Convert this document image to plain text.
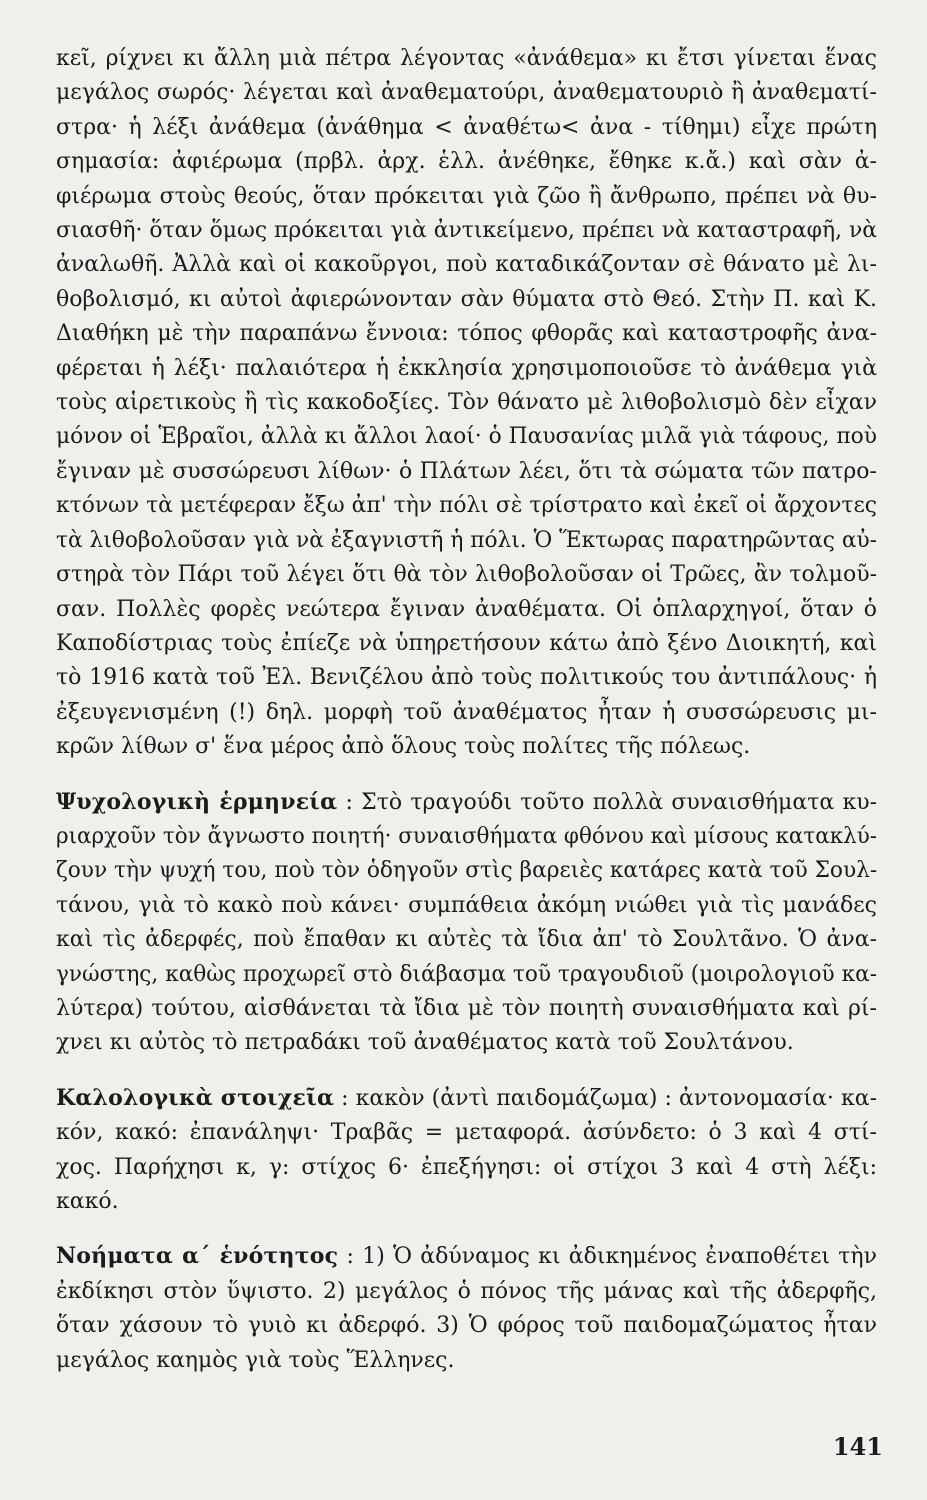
κεῖ, ρίχνει κι ἄλλη μιὰ πέτρα λέγοντας «ἀνάθεμα» κι ἔτσι γίνεται ἕνας
μεγάλος σωρός· λέγεται καὶ ἀναθεματούρι, ἀναθεματουριὸ ἢ ἀναθεματί-
στρα· ἡ λέξι ἀνάθεμα (ἀνάθημα < ἀναθέτω< ἀνα - τίθημι) εἶχε πρώτη
σημασία: ἀφιέρωμα (πρβλ. ἀρχ. ἑλλ. ἀνέθηκε, ἔθηκε κ.ἄ.) καὶ σὰν ἀ-
φιέρωμα στοὺς θεούς, ὅταν πρόκειται γιὰ ζῶο ἢ ἄνθρωπο, πρέπει νὰ θυ-
σιασθῆ· ὅταν ὅμως πρόκειται γιὰ ἀντικείμενο, πρέπει νὰ καταστραφῆ, νὰ
ἀναλωθῆ. Ἀλλὰ καὶ οἱ κακοῦργοι, ποὺ καταδικάζονταν σὲ θάνατο μὲ λι-
θοβολισμό, κι αὐτοὶ ἀφιερώνονταν σὰν θύματα στὸ Θεό. Στὴν Π. καὶ Κ.
Διαθήκη μὲ τὴν παραπάνω ἔννοια: τόπος φθορᾶς καὶ καταστροφῆς ἀνα-
φέρεται ἡ λέξι· παλαιότερα ἡ ἐκκλησία χρησιμοποιοῦσε τὸ ἀνάθεμα γιὰ
τοὺς αἱρετικοὺς ἢ τὶς κακοδοξίες. Τὸν θάνατο μὲ λιθοβολισμὸ δὲν εἶχαν
μόνον οἱ Ἑβραῖοι, ἀλλὰ κι ἄλλοι λαοί· ὁ Παυσανίας μιλᾶ γιὰ τάφους, ποὺ
ἔγιναν μὲ συσσώρευσι λίθων· ὁ Πλάτων λέει, ὅτι τὰ σώματα τῶν πατρο-
κτόνων τὰ μετέφεραν ἔξω ἀπ' τὴν πόλι σὲ τρίστρατο καὶ ἐκεῖ οἱ ἄρχοντες
τὰ λιθοβολοῦσαν γιὰ νὰ ἐξαγνιστῆ ἡ πόλι. Ὁ Ἕκτωρας παρατηρῶντας αὐ-
στηρὰ τὸν Πάρι τοῦ λέγει ὅτι θὰ τὸν λιθοβολοῦσαν οἱ Τρῶες, ἂν τολμοῦ-
σαν. Πολλὲς φορὲς νεώτερα ἔγιναν ἀναθέματα. Οἱ ὁπλαρχηγοί, ὅταν ὁ
Καποδίστριας τοὺς ἐπίεζε νὰ ὑπηρετήσουν κάτω ἀπὸ ξένο Διοικητή, καὶ
τὸ 1916 κατὰ τοῦ Ἐλ. Βενιζέλου ἀπὸ τοὺς πολιτικούς του ἀντιπάλους· ἡ
ἐξευγενισμένη (!) δηλ. μορφὴ τοῦ ἀναθέματος ἦταν ἡ συσσώρευσις μι-
κρῶν λίθων σ' ἕνα μέρος ἀπὸ ὅλους τοὺς πολίτες τῆς πόλεως.
Ψυχολογικὴ ἑρμηνεία : Στὸ τραγούδι τοῦτο πολλὰ συναισθήματα κυ-
ριαρχοῦν τὸν ἄγνωστο ποιητή· συναισθήματα φθόνου καὶ μίσους κατακλύ-
ζουν τὴν ψυχή του, ποὺ τὸν ὁδηγοῦν στὶς βαρειὲς κατάρες κατὰ τοῦ Σουλ-
τάνου, γιὰ τὸ κακὸ ποὺ κάνει· συμπάθεια ἀκόμη νιώθει γιὰ τὶς μανάδες
καὶ τὶς ἀδερφές, ποὺ ἔπαθαν κι αὐτὲς τὰ ἴδια ἀπ' τὸ Σουλτᾶνο. Ὁ ἀνα-
γνώστης, καθὼς προχωρεῖ στὸ διάβασμα τοῦ τραγουδιοῦ (μοιρολογιοῦ κα-
λύτερα) τούτου, αἰσθάνεται τὰ ἴδια μὲ τὸν ποιητὴ συναισθήματα καὶ ρί-
χνει κι αὐτὸς τὸ πετραδάκι τοῦ ἀναθέματος κατὰ τοῦ Σουλτάνου.
Καλολογικὰ στοιχεῖα : κακὸν (ἀντὶ παιδομάζωμα) : ἀντονομασία· κα-
κόν, κακό: ἐπανάληψι· Τραβᾶς = μεταφορά. ἀσύνδετο: ὁ 3 καὶ 4 στί-
χος. Παρήχησι κ, γ: στίχος 6· ἐπεξήγησι: οἱ στίχοι 3 καὶ 4 στὴ λέξι:
κακό.
Νοήματα α΄ ἑνότητος : 1) Ὁ ἀδύναμος κι ἀδικημένος ἐναποθέτει τὴν
ἐκδίκησι στὸν ὕψιστο. 2) μεγάλος ὁ πόνος τῆς μάνας καὶ τῆς ἀδερφῆς,
ὅταν χάσουν τὸ γυιὸ κι ἀδερφό. 3) Ὁ φόρος τοῦ παιδομαζώματος ἦταν
μεγάλος καημὸς γιὰ τοὺς Ἕλληνες.
141
